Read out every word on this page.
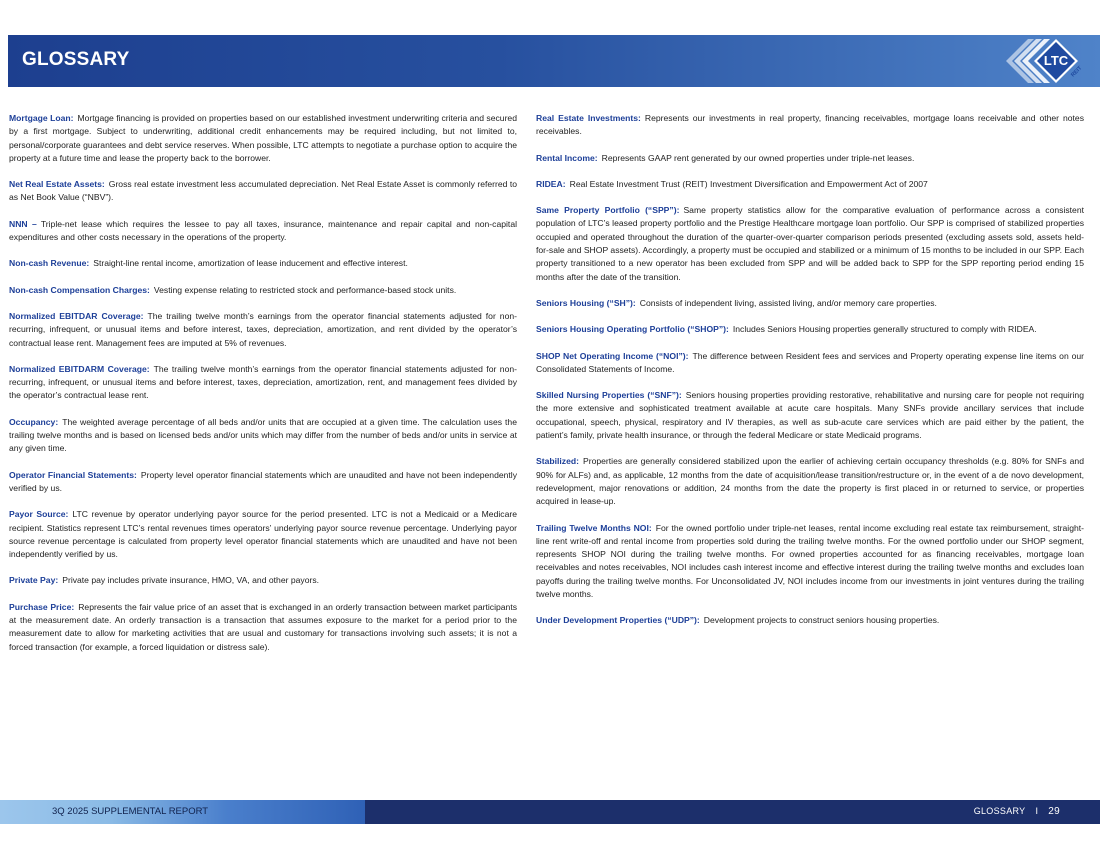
GLOSSARY	LTC
REIT

Mortgage Loan: Mortgage financing is provided on properties based on our established investment underwriting criteria and secured by a first mortgage. Subject to underwriting, additional credit enhancements may be required including, but not limited to, personal/corporate guarantees and debt service reserves. When possible, LTC attempts to negotiate a purchase option to acquire the property at a future time and lease the property back to the borrower.

Net Real Estate Assets: Gross real estate investment less accumulated depreciation. Net Real Estate Asset is commonly referred to as Net Book Value (“NBV”).

NNN – Triple-net lease which requires the lessee to pay all taxes, insurance, maintenance and repair capital and non-capital expenditures and other costs necessary in the operations of the property.

Non-cash Revenue: Straight-line rental income, amortization of lease inducement and effective interest.

Non-cash Compensation Charges: Vesting expense relating to restricted stock and performance-based stock units.

Normalized EBITDAR Coverage: The trailing twelve month’s earnings from the operator financial statements adjusted for non-recurring, infrequent, or unusual items and before interest, taxes, depreciation, amortization, and rent divided by the operator’s contractual lease rent. Management fees are imputed at 5% of revenues.

Normalized EBITDARM Coverage: The trailing twelve month’s earnings from the operator financial statements adjusted for non-recurring, infrequent, or unusual items and before interest, taxes, depreciation, amortization, rent, and management fees divided by the operator’s contractual lease rent.

Occupancy: The weighted average percentage of all beds and/or units that are occupied at a given time. The calculation uses the trailing twelve months and is based on licensed beds and/or units which may differ from the number of beds and/or units in service at any given time.

Operator Financial Statements: Property level operator financial statements which are unaudited and have not been independently verified by us.

Payor Source: LTC revenue by operator underlying payor source for the period presented. LTC is not a Medicaid or a Medicare recipient. Statistics represent LTC’s rental revenues times operators’ underlying payor source revenue percentage. Underlying payor source revenue percentage is calculated from property level operator financial statements which are unaudited and have not been independently verified by us.

Private Pay: Private pay includes private insurance, HMO, VA, and other payors.

Purchase Price: Represents the fair value price of an asset that is exchanged in an orderly transaction between market participants at the measurement date. An orderly transaction is a transaction that assumes exposure to the market for a period prior to the measurement date to allow for marketing activities that are usual and customary for transactions involving such assets; it is not a forced transaction (for example, a forced liquidation or distress sale).

Real Estate Investments: Represents our investments in real property, financing receivables, mortgage loans receivable and other notes receivables.

Rental Income: Represents GAAP rent generated by our owned properties under triple-net leases.

RIDEA: Real Estate Investment Trust (REIT) Investment Diversification and Empowerment Act of 2007

Same Property Portfolio (“SPP”): Same property statistics allow for the comparative evaluation of performance across a consistent population of LTC’s leased property portfolio and the Prestige Healthcare mortgage loan portfolio. Our SPP is comprised of stabilized properties occupied and operated throughout the duration of the quarter-over-quarter comparison periods presented (excluding assets sold, assets held-for-sale and SHOP assets). Accordingly, a property must be occupied and stabilized or a minimum of 15 months to be included in our SPP. Each property transitioned to a new operator has been excluded from SPP and will be added back to SPP for the SPP reporting period ending 15 months after the date of the transition.

Seniors Housing (“SH”): Consists of independent living, assisted living, and/or memory care properties.

Seniors Housing Operating Portfolio (“SHOP”): Includes Seniors Housing properties generally structured to comply with RIDEA.

SHOP Net Operating Income (“NOI”): The difference between Resident fees and services and Property operating expense line items on our Consolidated Statements of Income.

Skilled Nursing Properties (“SNF”): Seniors housing properties providing restorative, rehabilitative and nursing care for people not requiring the more extensive and sophisticated treatment available at acute care hospitals. Many SNFs provide ancillary services that include occupational, speech, physical, respiratory and IV therapies, as well as sub-acute care services which are paid either by the patient, the patient’s family, private health insurance, or through the federal Medicare or state Medicaid programs.

Stabilized: Properties are generally considered stabilized upon the earlier of achieving certain occupancy thresholds (e.g. 80% for SNFs and 90% for ALFs) and, as applicable, 12 months from the date of acquisition/lease transition/restructure or, in the event of a de novo development, redevelopment, major renovations or addition, 24 months from the date the property is first placed in or returned to service, or properties acquired in lease-up.

Trailing Twelve Months NOI: For the owned portfolio under triple-net leases, rental income excluding real estate tax reimbursement, straight-line rent write-off and rental income from properties sold during the trailing twelve months. For the owned portfolio under our SHOP segment, represents SHOP NOI during the trailing twelve months. For owned properties accounted for as financing receivables, mortgage loan receivables and notes receivables, NOI includes cash interest income and effective interest during the trailing twelve months and excludes loan payoffs during the trailing twelve months. For Unconsolidated JV, NOI includes income from our investments in joint ventures during the trailing twelve months.

Under Development Properties (“UDP”): Development projects to construct seniors housing properties.

3Q 2025 SUPPLEMENTAL REPORT	GLOSSARY I 29
